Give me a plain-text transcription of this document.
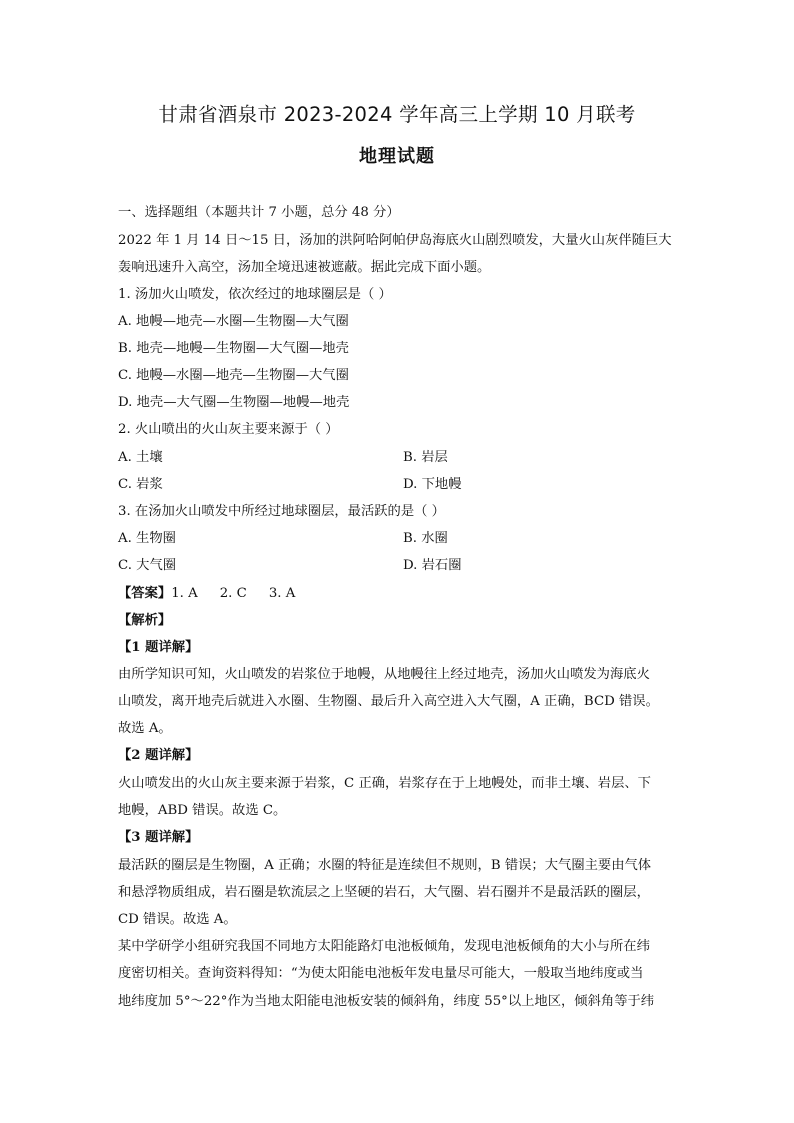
甘肃省酒泉市 2023-2024 学年高三上学期 10 月联考
地理试题
一、选择题组（本题共计 7 小题，总分 48 分）
2022 年 1 月 14 日～15 日，汤加的洪阿哈阿帕伊岛海底火山剧烈喷发，大量火山灰伴随巨大
轰响迅速升入高空，汤加全境迅速被遮蔽。据此完成下面小题。
1. 汤加火山喷发，依次经过的地球圈层是（ ）
A. 地幔—地壳—水圈—生物圈—大气圈
B. 地壳—地幔—生物圈—大气圈—地壳
C. 地幔—水圈—地壳—生物圈—大气圈
D. 地壳—大气圈—生物圈—地幔—地壳
2. 火山喷出的火山灰主要来源于（ ）
A. 土壤	B. 岩层
C. 岩浆	D. 下地幔
3. 在汤加火山喷发中所经过地球圈层，最活跃的是（ ）
A. 生物圈	B. 水圈
C. 大气圈	D. 岩石圈
【答案】1. A 2. C 3. A
【解析】
【1 题详解】
由所学知识可知，火山喷发的岩浆位于地幔，从地幔往上经过地壳，汤加火山喷发为海底火
山喷发，离开地壳后就进入水圈、生物圈、最后升入高空进入大气圈，A 正确，BCD 错误。
故选 A。
【2 题详解】
火山喷发出的火山灰主要来源于岩浆，C 正确，岩浆存在于上地幔处，而非土壤、岩层、下
地幔，ABD 错误。故选 C。
【3 题详解】
最活跃的圈层是生物圈，A 正确；水圈的特征是连续但不规则，B 错误；大气圈主要由气体
和悬浮物质组成，岩石圈是软流层之上坚硬的岩石，大气圈、岩石圈并不是最活跃的圈层，
CD 错误。故选 A。
某中学研学小组研究我国不同地方太阳能路灯电池板倾角，发现电池板倾角的大小与所在纬
度密切相关。查询资料得知：“为使太阳能电池板年发电量尽可能大，一般取当地纬度或当
地纬度加 5°～22°作为当地太阳能电池板安装的倾斜角，纬度 55°以上地区，倾斜角等于纬
